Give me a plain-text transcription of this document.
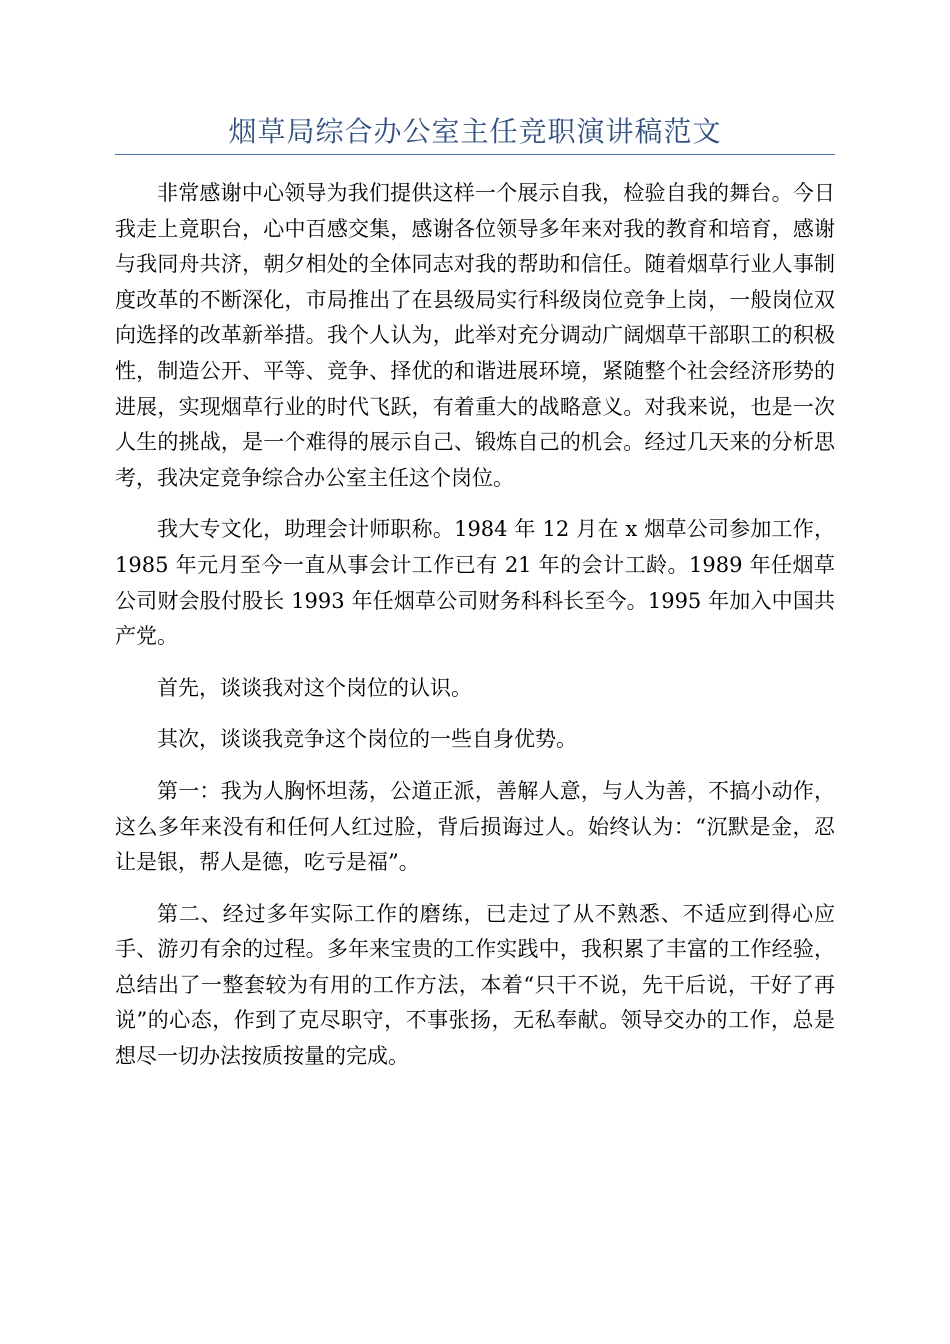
烟草局综合办公室主任竞职演讲稿范文

非常感谢中心领导为我们提供这样一个展示自我，检验自我的舞台。今日我走上竟职台，心中百感交集，感谢各位领导多年来对我的教育和培育，感谢与我同舟共济，朝夕相处的全体同志对我的帮助和信任。随着烟草行业人事制度改革的不断深化，市局推出了在县级局实行科级岗位竞争上岗，一般岗位双向选择的改革新举措。我个人认为，此举对充分调动广阔烟草干部职工的积极性，制造公开、平等、竞争、择优的和谐进展环境，紧随整个社会经济形势的进展，实现烟草行业的时代飞跃，有着重大的战略意义。对我来说，也是一次人生的挑战，是一个难得的展示自己、锻炼自己的机会。经过几天来的分析思考，我决定竞争综合办公室主任这个岗位。

我大专文化，助理会计师职称。1984 年 12 月在 x 烟草公司参加工作，1985 年元月至今一直从事会计工作已有 21 年的会计工龄。1989 年任烟草公司财会股付股长 1993 年任烟草公司财务科科长至今。1995 年加入中国共产党。

首先，谈谈我对这个岗位的认识。

其次，谈谈我竞争这个岗位的一些自身优势。

第一：我为人胸怀坦荡，公道正派，善解人意，与人为善，不搞小动作，这么多年来没有和任何人红过脸，背后损诲过人。始终认为：“沉默是金，忍让是银，帮人是德，吃亏是福”。

第二、经过多年实际工作的磨练，已走过了从不熟悉、不适应到得心应手、游刃有余的过程。多年来宝贵的工作实践中，我积累了丰富的工作经验，总结出了一整套较为有用的工作方法，本着“只干不说，先干后说，干好了再说”的心态，作到了克尽职守，不事张扬，无私奉献。领导交办的工作，总是想尽一切办法按质按量的完成。
